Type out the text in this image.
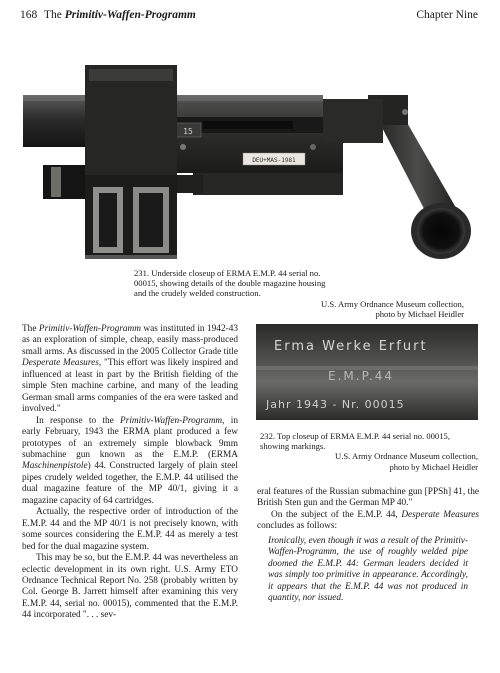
168 The Primitiv-Waffen-Programm	Chapter Nine
15
DEU+MAS-1981
231. Underside closeup of ERMA E.M.P. 44 serial no.
00015, showing details of the double magazine housing
and the crudely welded construction.
U.S. Army Ordnance Museum collection,
photo by Michael Heidler
Erma Werke Erfurt
E.M.P.44
Jahr 1943 - Nr. 00015
232. Top closeup of ERMA E.M.P. 44 serial no. 00015,
showing markings.
U.S. Army Ordnance Museum collection,
photo by Michael Heidler

The Primitiv-Waffen-Programm was instituted in 1942-43 as an exploration of simple, cheap, easily mass-produced small arms. As discussed in the 2005 Collector Grade title Desperate Measures, "This effort was likely inspired and influenced at least in part by the British fielding of the simple Sten machine carbine, and many of the leading German small arms companies of the era were tasked and involved."

In response to the Primitiv-Waffen-Programm, in early February, 1943 the ERMA plant produced a few prototypes of an extremely simple blowback 9mm submachine gun known as the E.M.P. (ERMA Maschinenpistole) 44. Constructed largely of plain steel pipes crudely welded together, the E.M.P. 44 utilised the dual magazine feature of the MP 40/1, giving it a magazine capacity of 64 cartridges.

Actually, the respective order of introduction of the E.M.P. 44 and the MP 40/1 is not precisely known, with some sources considering the E.M.P. 44 as merely a test bed for the dual magazine system.

This may be so, but the E.M.P. 44 was nevertheless an eclectic development in its own right. U.S. Army ETO Ordnance Technical Report No. 258 (probably written by Col. George B. Jarrett himself after examining this very E.M.P. 44, serial no. 00015), commented that the E.M.P. 44 incorporated ". . . sev-

eral features of the Russian submachine gun [PPSh] 41, the British Sten gun and the German MP 40."

On the subject of the E.M.P. 44, Desperate Measures concludes as follows:

Ironically, even though it was a result of the Primitiv-Waffen-Programm, the use of roughly welded pipe doomed the E.M.P. 44: German leaders decided it was simply too primitive in appearance. Accordingly, it appears that the E.M.P. 44 was not produced in quantity, nor issued.
